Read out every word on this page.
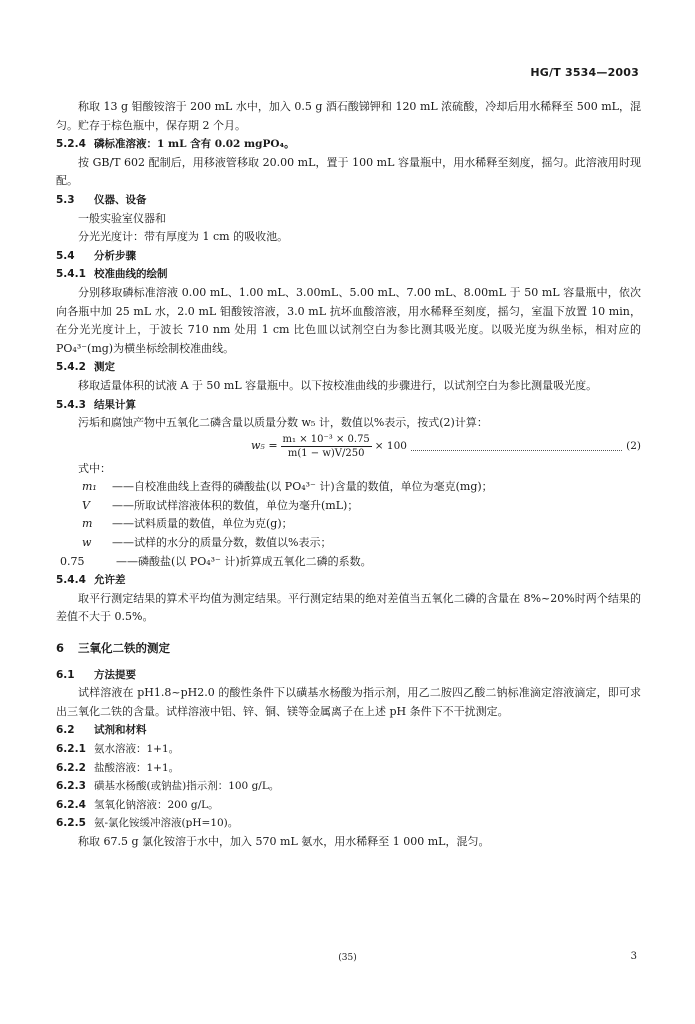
HG/T 3534—2003

称取 13 g 钼酸铵溶于 200 mL 水中，加入 0.5 g 酒石酸锑钾和 120 mL 浓硫酸，冷却后用水稀释至 500 mL，混匀。贮存于棕色瓶中，保存期 2 个月。

5.2.4 磷标准溶液：1 mL 含有 0.02 mgPO₄。

按 GB/T 602 配制后，用移液管移取 20.00 mL，置于 100 mL 容量瓶中，用水稀释至刻度，摇匀。此溶液用时现配。

5.3 仪器、设备

一般实验室仪器和

分光光度计：带有厚度为 1 cm 的吸收池。

5.4 分析步骤
5.4.1 校准曲线的绘制

分别移取磷标准溶液 0.00 mL、1.00 mL、3.00mL、5.00 mL、7.00 mL、8.00mL 于 50 mL 容量瓶中，依次向各瓶中加 25 mL 水，2.0 mL 钼酸铵溶液，3.0 mL 抗坏血酸溶液，用水稀释至刻度，摇匀，室温下放置 10 min，在分光光度计上，于波长 710 nm 处用 1 cm 比色皿以试剂空白为参比测其吸光度。以吸光度为纵坐标，相对应的 PO₄³⁻(mg)为横坐标绘制校准曲线。

5.4.2 测定

移取适量体积的试液 A 于 50 mL 容量瓶中。以下按校准曲线的步骤进行，以试剂空白为参比测量吸光度。

5.4.3 结果计算

污垢和腐蚀产物中五氧化二磷含量以质量分数 w₅ 计，数值以%表示，按式(2)计算：

$w_5 = \frac{\text{m₁ × 10⁻³ × 0.75}}{m(1 - w)V/250} \times 100$	(2)

式中：

m₁	——自校准曲线上查得的磷酸盐(以 PO₄³⁻ 计)含量的数值，单位为毫克(mg)；
V	——所取试样溶液体积的数值，单位为毫升(mL)；
m	——试料质量的数值，单位为克(g)；
w	——试样的水分的质量分数，数值以%表示；
0.75	——磷酸盐(以 PO₄³⁻ 计)折算成五氧化二磷的系数。
5.4.4 允许差

取平行测定结果的算术平均值为测定结果。平行测定结果的绝对差值当五氧化二磷的含量在 8%~20%时两个结果的差值不大于 0.5%。

6 三氧化二铁的测定
6.1 方法提要

试样溶液在 pH1.8~pH2.0 的酸性条件下以磺基水杨酸为指示剂，用乙二胺四乙酸二钠标准滴定溶液滴定，即可求出三氧化二铁的含量。试样溶液中铝、锌、铜、镁等金属离子在上述 pH 条件下不干扰测定。

6.2 试剂和材料
6.2.1 氨水溶液：1+1。
6.2.2 盐酸溶液：1+1。
6.2.3 磺基水杨酸(或钠盐)指示剂：100 g/L。
6.2.4 氢氧化钠溶液：200 g/L。
6.2.5 氨-氯化铵缓冲溶液(pH=10)。

称取 67.5 g 氯化铵溶于水中，加入 570 mL 氨水，用水稀释至 1 000 mL，混匀。

(35)	3
